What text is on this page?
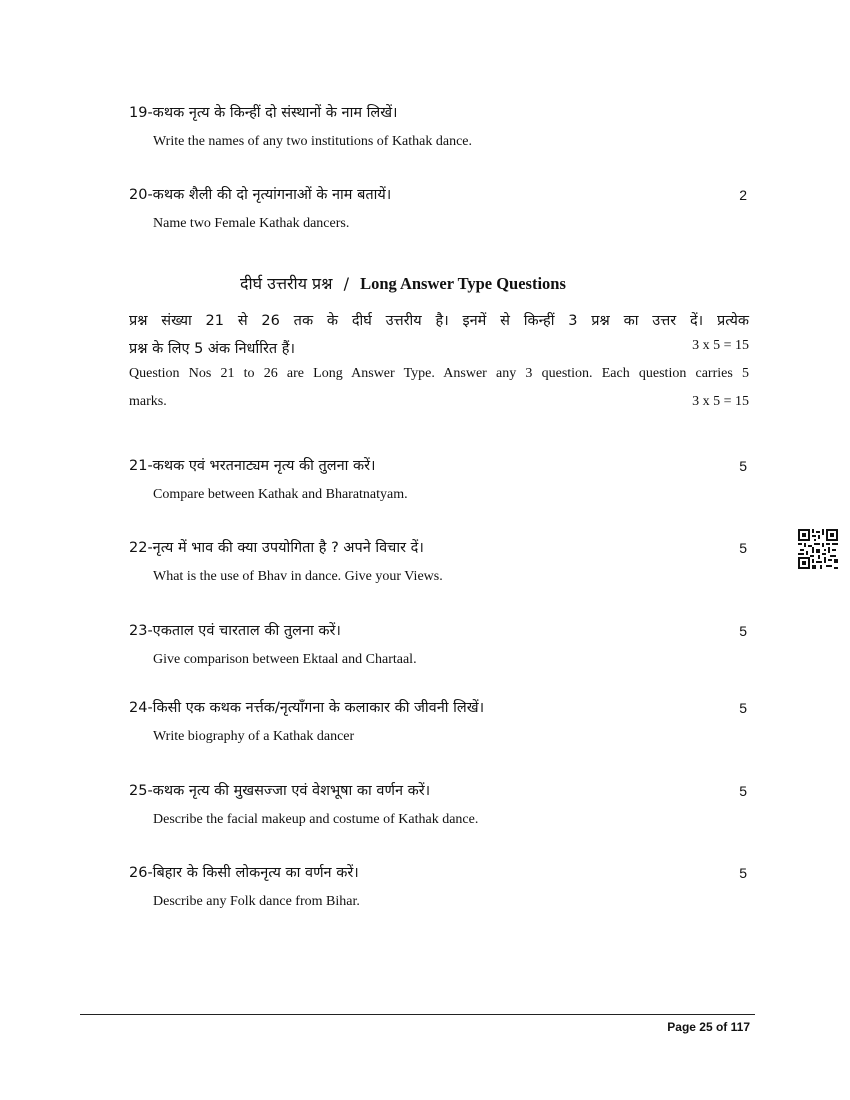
19-कथक नृत्य के किन्हीं दो संस्थानों के नाम लिखें।
Write the names of any two institutions of Kathak dance.
20-कथक शैली की दो नृत्यांगनाओं के नाम बतायें।	2
Name two Female Kathak dancers.
दीर्घ उत्तरीय प्रश्न / Long Answer Type Questions
प्रश्न संख्या 21 से 26 तक के दीर्घ उत्तरीय है। इनमें से किन्हीं 3 प्रश्न का उत्तर दें। प्रत्येक
प्रश्न के लिए 5 अंक निर्धारित हैं।	3 x 5 = 15
Question Nos 21 to 26 are Long Answer Type. Answer any 3 question. Each question carries 5
marks.	3 x 5 = 15
21-कथक एवं भरतनाट्यम नृत्य की तुलना करें।	5
Compare between Kathak and Bharatnatyam.
22-नृत्य में भाव की क्या उपयोगिता है ? अपने विचार दें।	5
What is the use of Bhav in dance. Give your Views.
23-एकताल एवं चारताल की तुलना करें।	5
Give comparison between Ektaal and Chartaal.
24-किसी एक कथक नर्त्तक/नृत्याँगना के कलाकार की जीवनी लिखें।	5
Write biography of a Kathak dancer
25-कथक नृत्य की मुखसज्जा एवं वेशभूषा का वर्णन करें।	5
Describe the facial makeup and costume of Kathak dance.
26-बिहार के किसी लोकनृत्य का वर्णन करें।	5
Describe any Folk dance from Bihar.
Page 25 of 117
